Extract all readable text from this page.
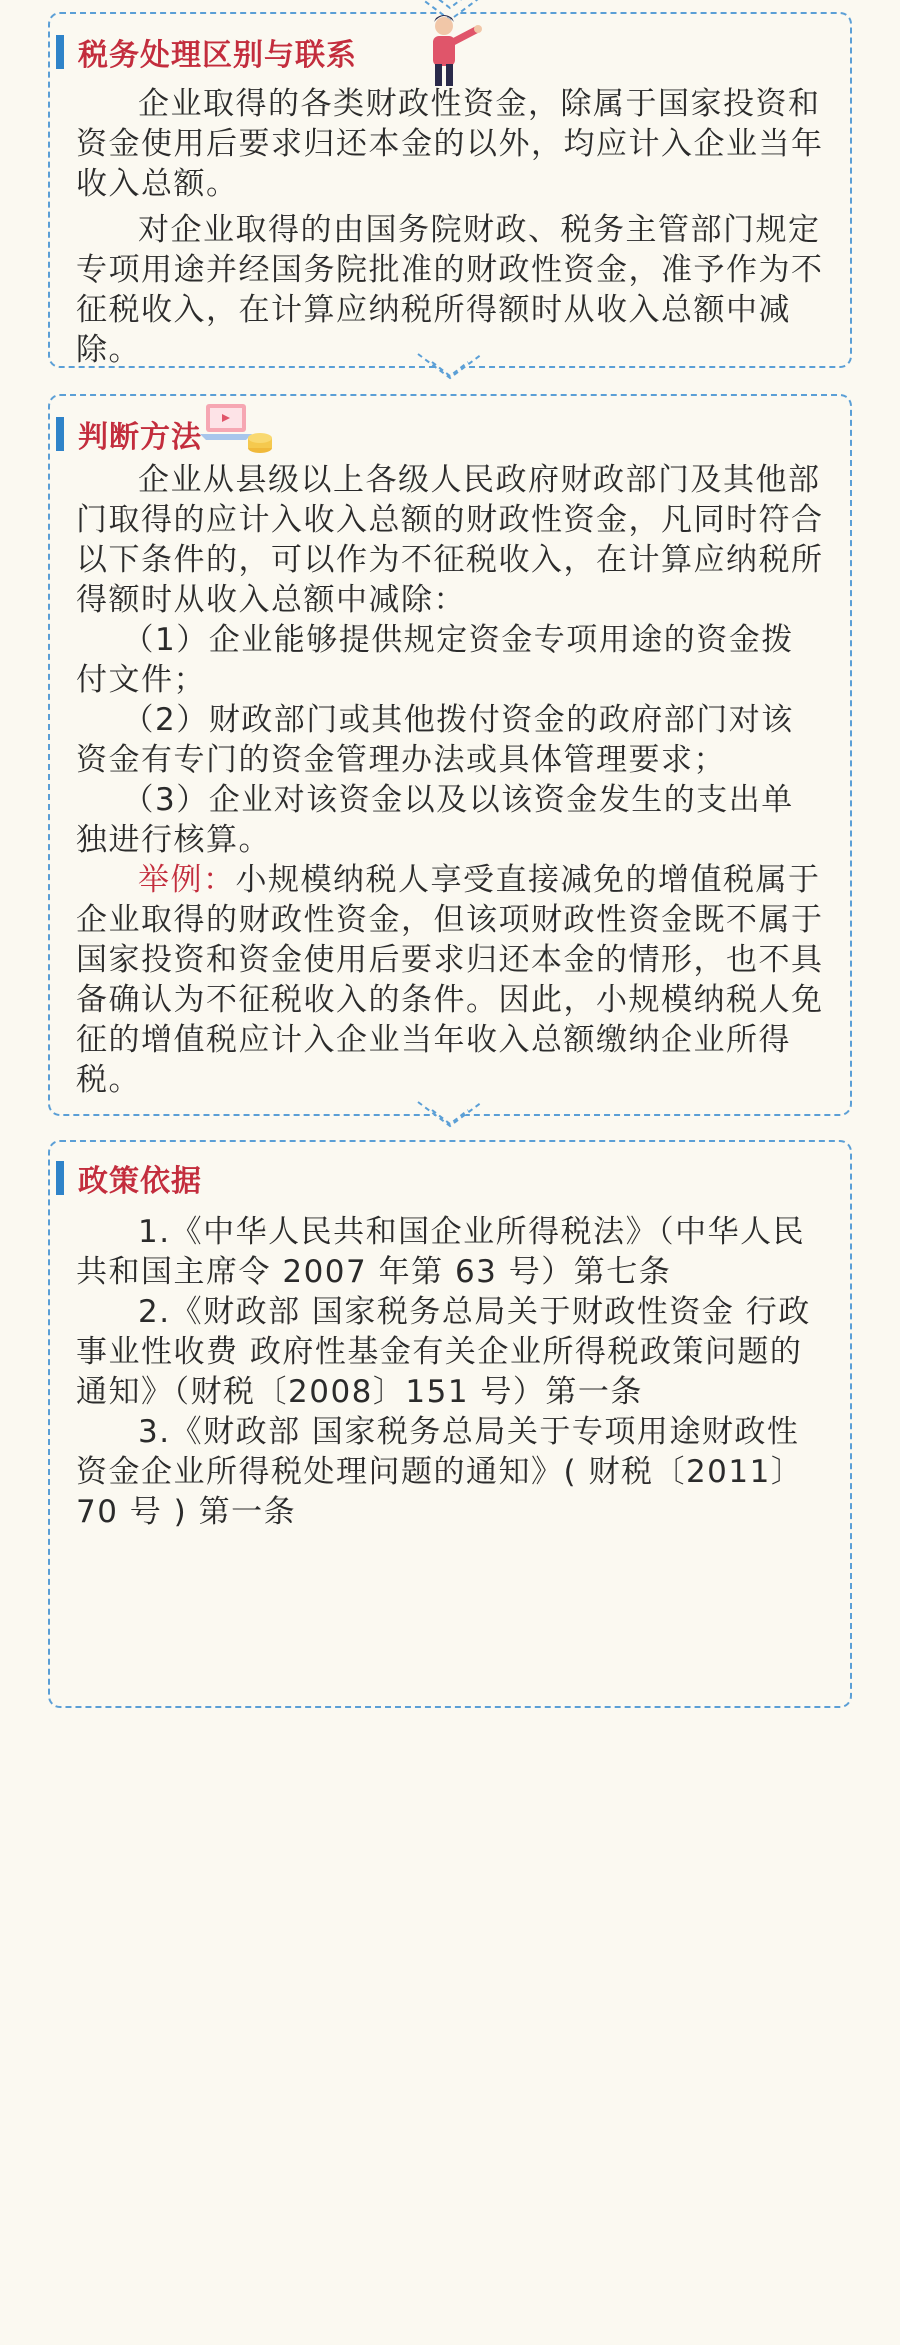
税务处理区别与联系

企业取得的各类财政性资金，除属于国家投资和资金使用后要求归还本金的以外，均应计入企业当年收入总额。

对企业取得的由国务院财政、税务主管部门规定专项用途并经国务院批准的财政性资金，准予作为不征税收入，在计算应纳税所得额时从收入总额中减除。

判断方法

企业从县级以上各级人民政府财政部门及其他部门取得的应计入收入总额的财政性资金，凡同时符合以下条件的，可以作为不征税收入，在计算应纳税所得额时从收入总额中减除：

（1）企业能够提供规定资金专项用途的资金拨付文件；

（2）财政部门或其他拨付资金的政府部门对该资金有专门的资金管理办法或具体管理要求；

（3）企业对该资金以及以该资金发生的支出单独进行核算。

举例：小规模纳税人享受直接减免的增值税属于企业取得的财政性资金，但该项财政性资金既不属于国家投资和资金使用后要求归还本金的情形，也不具备确认为不征税收入的条件。因此，小规模纳税人免征的增值税应计入企业当年收入总额缴纳企业所得税。

政策依据

1.《中华人民共和国企业所得税法》（中华人民共和国主席令 2007 年第 63 号）第七条

2.《财政部 国家税务总局关于财政性资金 行政事业性收费 政府性基金有关企业所得税政策问题的通知》（财税〔2008〕151 号）第一条

3.《财政部 国家税务总局关于专项用途财政性资金企业所得税处理问题的通知》( 财税〔2011〕70 号 ) 第一条
